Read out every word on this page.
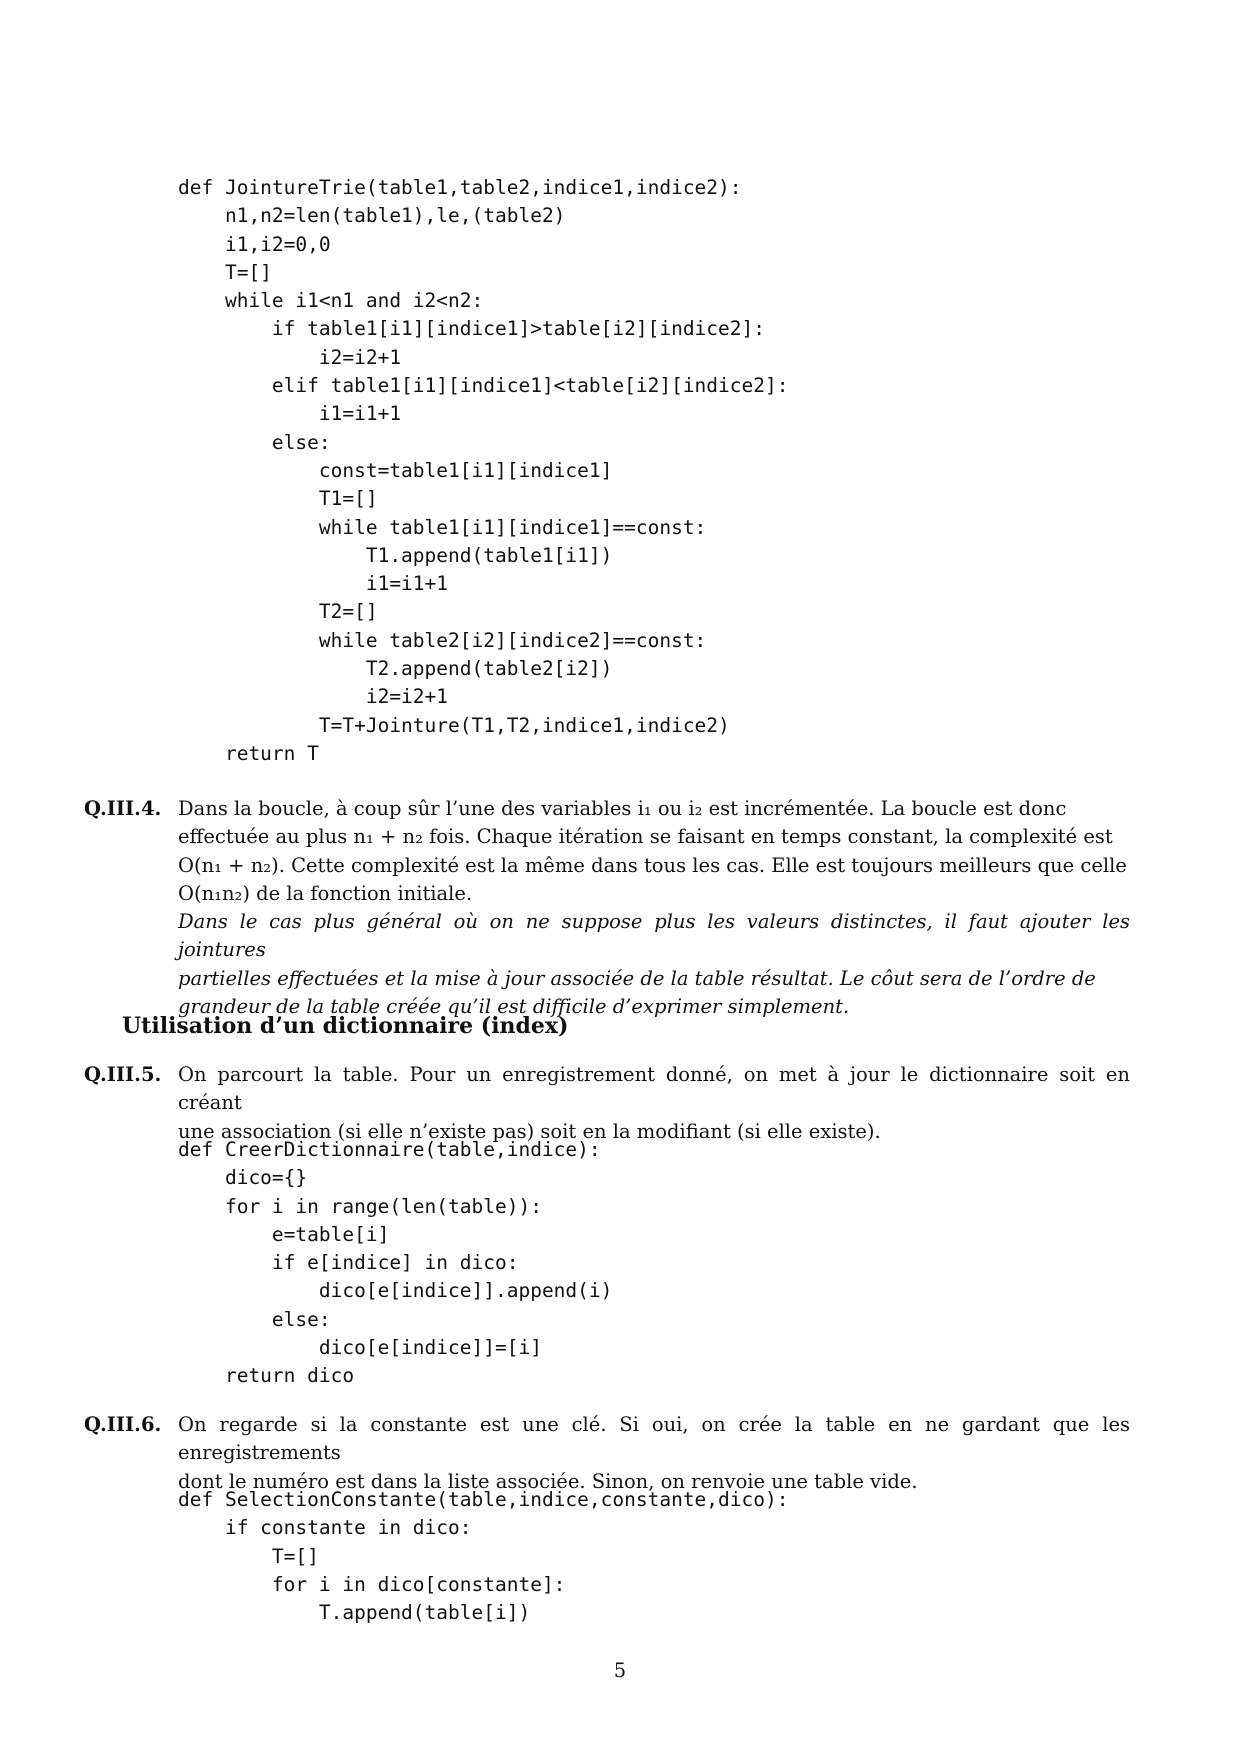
def JointureTrie(table1,table2,indice1,indice2):
n1,n2=len(table1),le,(table2)
i1,i2=0,0
T=[]
while i1<n1 and i2<n2:
if table1[i1][indice1]>table[i2][indice2]:
i2=i2+1
elif table1[i1][indice1]<table[i2][indice2]:
i1=i1+1
else:
const=table1[i1][indice1]
T1=[]
while table1[i1][indice1]==const:
T1.append(table1[i1])
i1=i1+1
T2=[]
while table2[i2][indice2]==const:
T2.append(table2[i2])
i2=i2+1
T=T+Jointure(T1,T2,indice1,indice2)
return T
Q.III.4. Dans la boucle, à coup sûr l’une des variables i₁ ou i₂ est incrémentée. La boucle est donc
effectuée au plus n₁ + n₂ fois. Chaque itération se faisant en temps constant, la complexité est
O(n₁ + n₂). Cette complexité est la même dans tous les cas. Elle est toujours meilleurs que celle
O(n₁n₂) de la fonction initiale.
Dans le cas plus général où on ne suppose plus les valeurs distinctes, il faut ajouter les jointures
partielles effectuées et la mise à jour associée de la table résultat. Le côut sera de l’ordre de
grandeur de la table créée qu’il est difficile d’exprimer simplement.
Utilisation d’un dictionnaire (index)
Q.III.5. On parcourt la table. Pour un enregistrement donné, on met à jour le dictionnaire soit en créant
une association (si elle n’existe pas) soit en la modifiant (si elle existe).
def CreerDictionnaire(table,indice):
dico={}
for i in range(len(table)):
e=table[i]
if e[indice] in dico:
dico[e[indice]].append(i)
else:
dico[e[indice]]=[i]
return dico
Q.III.6. On regarde si la constante est une clé. Si oui, on crée la table en ne gardant que les enregistrements
dont le numéro est dans la liste associée. Sinon, on renvoie une table vide.
def SelectionConstante(table,indice,constante,dico):
if constante in dico:
T=[]
for i in dico[constante]:
T.append(table[i])
5
